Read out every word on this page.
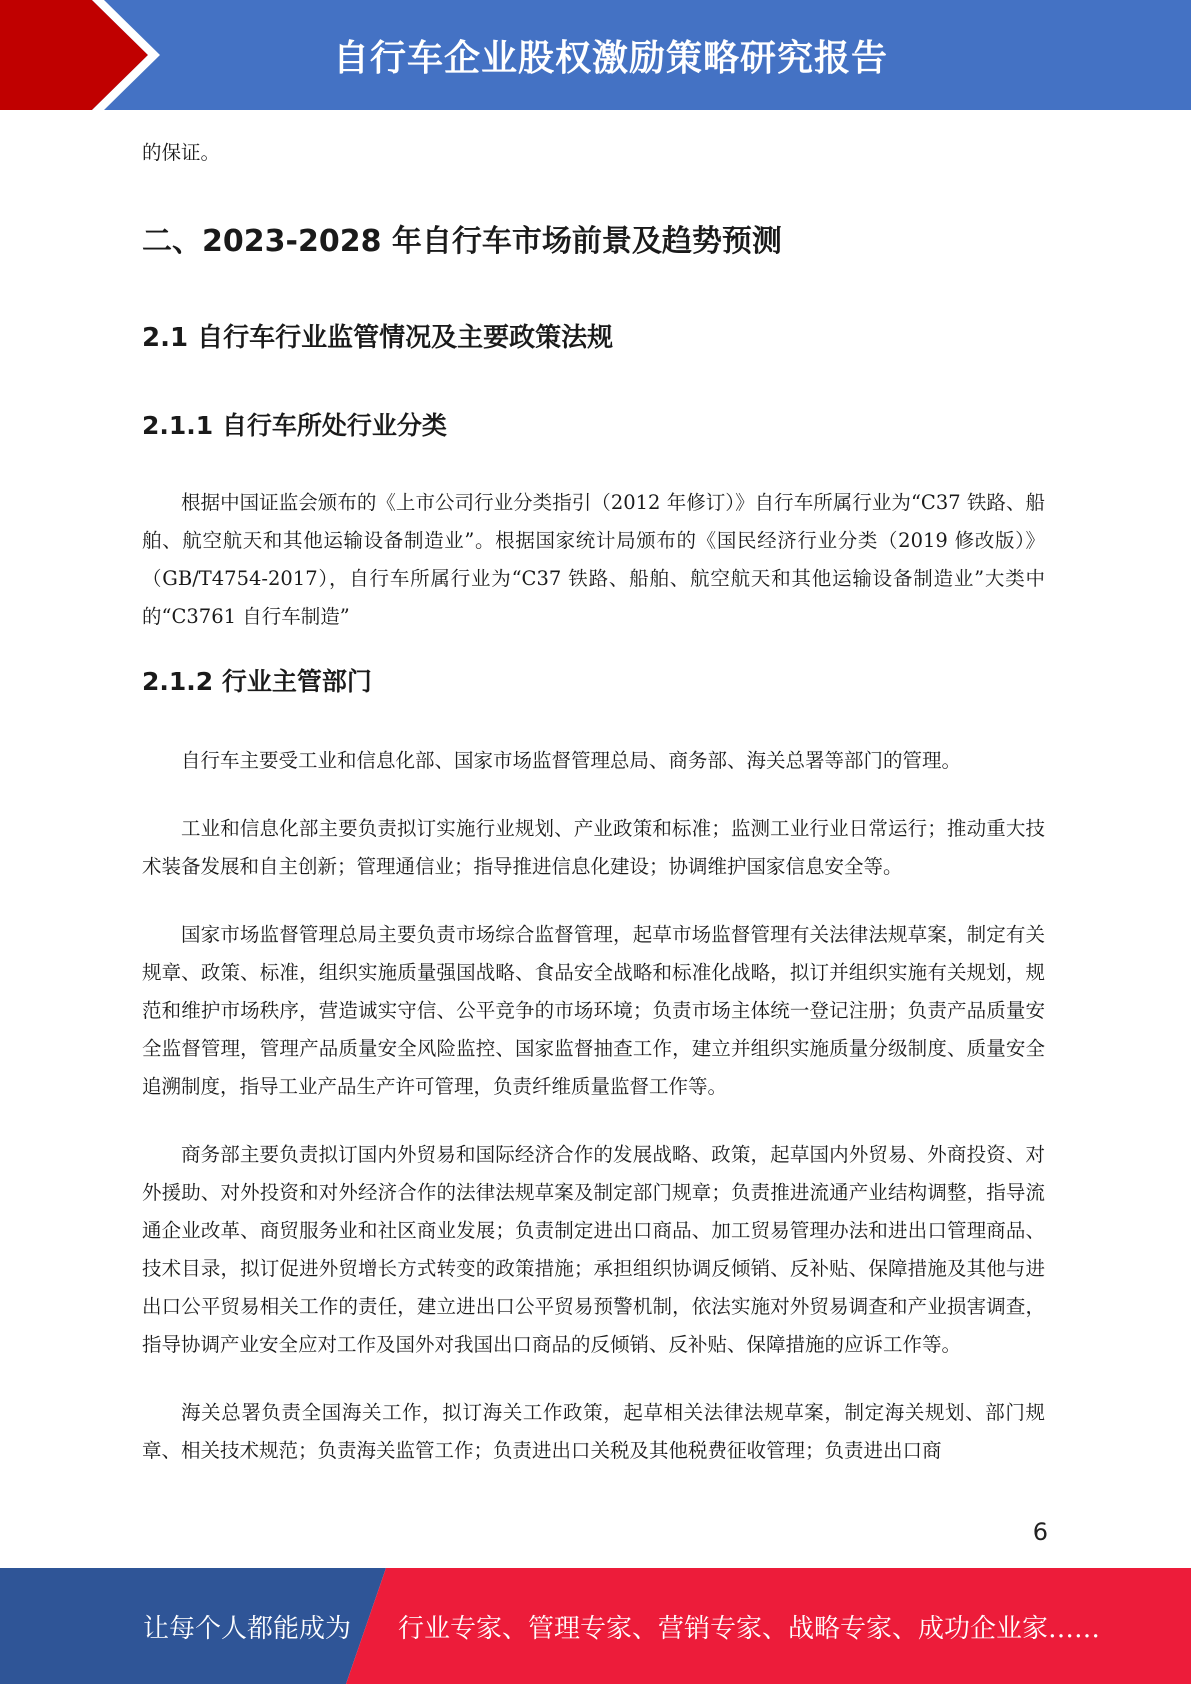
自行车企业股权激励策略研究报告

的保证。

二、2023-2028 年自行车市场前景及趋势预测
2.1 自行车行业监管情况及主要政策法规
2.1.1 自行车所处行业分类

根据中国证监会颁布的《上市公司行业分类指引（2012 年修订）》自行车所属行业为“C37 铁路、船舶、航空航天和其他运输设备制造业”。根据国家统计局颁布的《国民经济行业分类（2019 修改版）》（GB/T4754-2017），自行车所属行业为“C37 铁路、船舶、航空航天和其他运输设备制造业”大类中的“C3761 自行车制造”

2.1.2 行业主管部门

自行车主要受工业和信息化部、国家市场监督管理总局、商务部、海关总署等部门的管理。

工业和信息化部主要负责拟订实施行业规划、产业政策和标准；监测工业行业日常运行；推动重大技术装备发展和自主创新；管理通信业；指导推进信息化建设；协调维护国家信息安全等。

国家市场监督管理总局主要负责市场综合监督管理，起草市场监督管理有关法律法规草案，制定有关规章、政策、标准，组织实施质量强国战略、食品安全战略和标准化战略，拟订并组织实施有关规划，规范和维护市场秩序，营造诚实守信、公平竞争的市场环境；负责市场主体统一登记注册；负责产品质量安全监督管理，管理产品质量安全风险监控、国家监督抽查工作，建立并组织实施质量分级制度、质量安全追溯制度，指导工业产品生产许可管理，负责纤维质量监督工作等。

商务部主要负责拟订国内外贸易和国际经济合作的发展战略、政策，起草国内外贸易、外商投资、对外援助、对外投资和对外经济合作的法律法规草案及制定部门规章；负责推进流通产业结构调整，指导流通企业改革、商贸服务业和社区商业发展；负责制定进出口商品、加工贸易管理办法和进出口管理商品、技术目录，拟订促进外贸增长方式转变的政策措施；承担组织协调反倾销、反补贴、保障措施及其他与进出口公平贸易相关工作的责任，建立进出口公平贸易预警机制，依法实施对外贸易调查和产业损害调查，指导协调产业安全应对工作及国外对我国出口商品的反倾销、反补贴、保障措施的应诉工作等。

海关总署负责全国海关工作，拟订海关工作政策，起草相关法律法规草案，制定海关规划、部门规章、相关技术规范；负责海关监管工作；负责进出口关税及其他税费征收管理；负责进出口商

6
让每个人都能成为 行业专家、管理专家、营销专家、战略专家、成功企业家……
